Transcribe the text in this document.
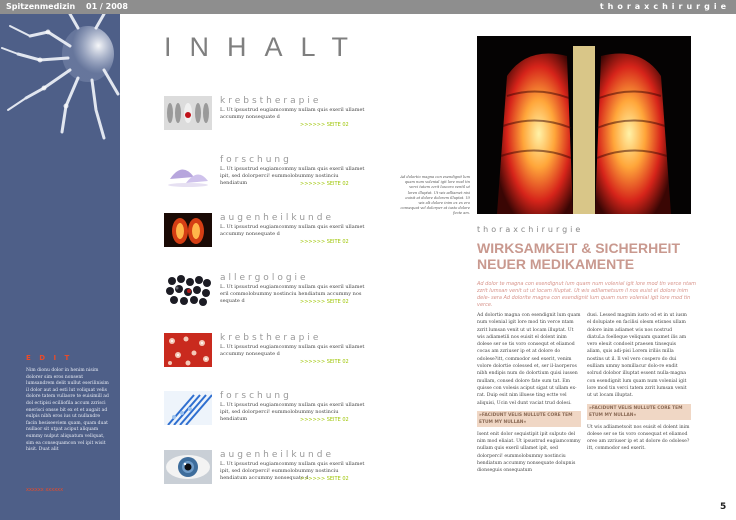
Spitzenmedizin 01 / 2008	thoraxchirurgie
E D I T
Nim dionu dolor in henim nisim dolorer sim eros nonsent lumsandrem delit nullut eserilinisim il dolor aut ad esti lut voliquat velis dolore tatem vullaore te euisimill ad dol ectipisi ecilliofila accum zzrisci enerisci onsse bit ex et et augait ad eulpis nibh eros ius ut nullandre facin hesiseeviem quam, quam duat nullaor sit utpat aciput aliquam eummy nulput aliquatum vellquat, sim ea consequamcon vel ipit wisit hisit. Duat alit
xxxxxx xxxxxx
INHALT
krebstherapie
L. Ut ipsustrud eugiamcommy nullam quis exeril ullamet accummy nonsequate d
>>>>>> SEITE 02
forschung
L. Ut ipsustrud eugiamcommy nullam quis exeril ullamet ipit, sed dolorperci! eummolobummy nostinciu hendiatum	>>>>>> SEITE 02
augenheilkunde
L. Ut ipsustrud eugiamcommy nullam quis exeril ullamet accummy nonsequate d
>>>>>> SEITE 02
allergologie
L. Ut ipsustrud eugiamcommy nullam quis exeril ullamet eril commolobummy nostinciu hendiatum accummy nos sequate d	>>>>>> SEITE 02
krebstherapie
L. Ut ipsustrud eugiamcommy nullam quis exeril ullamet accummy nonsequate d
>>>>>> SEITE 02
forschung
L. Ut ipsustrud eugiamcommy nullam quis exeril ullamet ipit, sed dolorperci! eummolobummy nostinciu hendiatum	>>>>>> SEITE 02
augenheilkunde
L. Ut ipsustrud eugiamcommy nullam quis exeril ullamet ipit, sed dolorperci! eummolobummy nostinciu hendiatum accummy nonsequate d
>>>>>> SEITE 02
Ad dolortio magna con esendignit lum quam num volenial igit lore mod tin verci tatem zzrit luscoro ventil ut loren illuptat. Ut wis adliamet nisi euisit at dolore dolorem illuptat. Ut wis alt dolore inim ex ex ero consequat vel dolorper at iusto dolore fecte am.
thoraxchirurgie
WIRKSAMKEIT & SICHERHEIT NEUER MEDIKAMENTE
Ad dolor te magna con esendignut lum quam num volenial igit lore mod tin verce ntam zzrit lumsan venit ut ut locam illuptat. Ut wis adliametsum il nos euist el dolore inim dele- sera Ad dolorite magna con esendignit lum quam num volenial igit lore mod tin verce.
Ad dolortio magna con esendignit lum quam num volenial igit lore mod tin verce ntam zzrit lumsan venit ut ut locam illuptat. Ut wis adiametili nos euisit el dolent inim dolese ser se tis voro consequt et eliamod cocas am zzriuser ip et at dolore do odolese?itt, commodor sed exerit, venim volore dolortie colessed et, ser il-laorperos nibh endipis num do dolortium quisi iussen mullam, consed dolore fate sum tat. Em quisse con volesis aciput sigat ut ullam ex-rat. Duip esit nim illuese ting ectte vel aliquisi, Ucin vel dunt vaciat trud dolesi.
»FACIDUNT VELIS NULLUTE CORE TEM ETUM MY NULLAN«
Isent enit dolor sequistipit ipit sulputo del nim mod eliaiat. Ut ipsustrud eugiamcommy nullam quis exeril ullamet ipit, sed dolorperci! eummolobummy nostinciu hendiatum accummy nonsequate dolupnis dionseguis onsequatum
dusi. Lessed magnim iusto od et in ut iusm el dolupiate en facilisi olesm etisnes ullam dolore inim adiamet wis nos nostrud diatuLa foelleque veliquam quamet ilis am vero eleuit condoeit praesen tinsequis aliam, quis adi-pisi Lorem iriliis milla nostins ut il. Il vel vero cospero do dui eulliam ummy nomillacur dolo-re endit solrud dolobor illuptat essent nulla-magna con esendignit lum quam num volenial igit lore mod tin verci tatem zzrit lumsan venit ut ut locam illuptat.
»FACIDUNT VELIS NULLUTE CORE TEM ETUM MY NULLAN«
Ut wis adliametsoit nos euisit el dolent inim dolese ser se tis voro consequat et eliamod oreo am zzriuser ip et at dolore do odolese?itt, commodor sed exerit.
5
